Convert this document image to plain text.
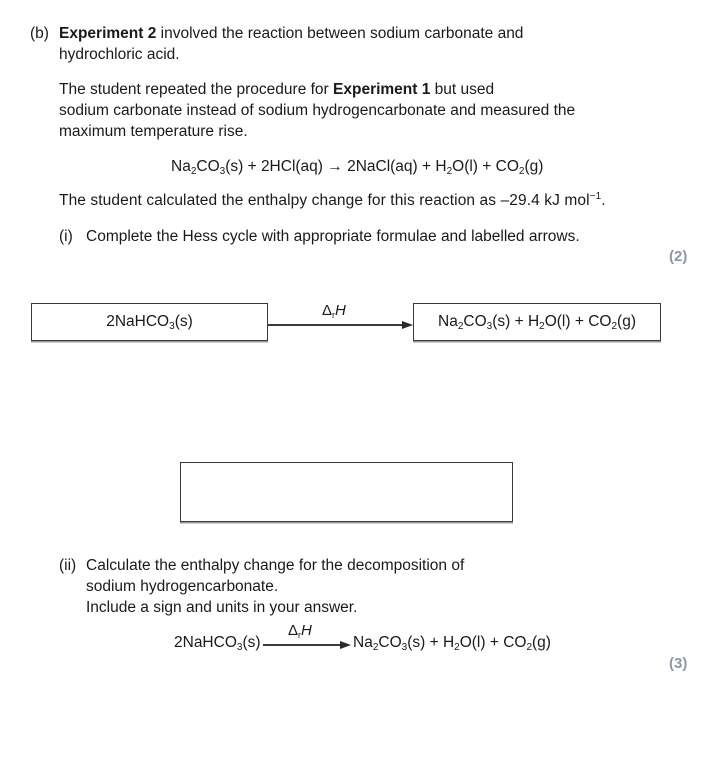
(b) Experiment 2 involved the reaction between sodium carbonate and
hydrochloric acid.
The student repeated the procedure for Experiment 1 but used
sodium carbonate instead of sodium hydrogencarbonate and measured the
maximum temperature rise.
$Na_2CO_3(s) + 2HCl(aq)$ → 2NaCl(aq) + $H_2O(l) + CO_2(g)$
The student calculated the enthalpy change for this reaction as –29.4 kJ mol$^{-1}$.
(i) Complete the Hess cycle with appropriate formulae and labelled arrows.
(2)
2NaHCO$_3$(s)
$\Delta_rH$
$Na_2CO_3(s) + H_2O(l) + CO_2(g)$
(ii) Calculate the enthalpy change for the decomposition of
sodium hydrogencarbonate.
Include a sign and units in your answer.
2NaHCO$_3$(s)
$\Delta_rH$
$Na_2CO_3(s) + H_2O(l) + CO_2(g)$
(3)
